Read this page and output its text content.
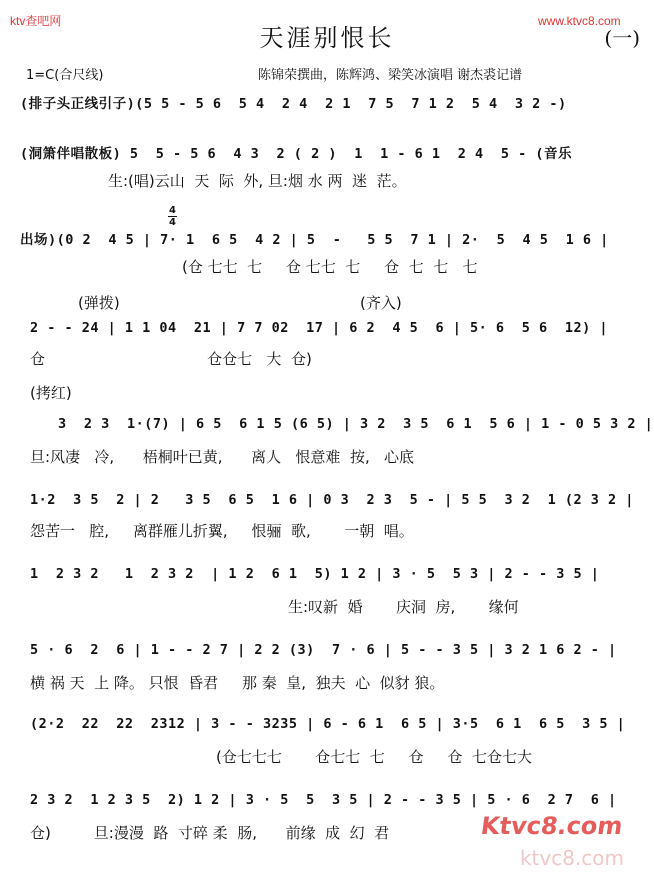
ktv查吧网	www.ktvc8.com
天涯别恨长	(一)
1=C(合尺线)	陈锦荣撰曲，陈辉鸿、梁笑冰演唱 谢杰裘记谱
(排子头正线引子)(5 5 - 5 6  5 4  2 4  2 1  7 5  7 1 2  5 4  3 2 -)
(洞箫伴唱散板) 5  5 - 5 6  4 3  2 ( 2 )  1  1 - 6 1  2 4  5 - (音乐
生:(唱)云山  天  际  外, 旦:烟 水 两  迷  茫。
4
4
出场)(0 2  4 5 | 7· 1  6 5  4 2 | 5  -   5 5  7 1 | 2·  5  4 5  1 6 |
(仓 七七  七     仓 七七  七     仓  七  七   七
(弹拨)	(齐入)
2 - - 24 | 1 1 04  21 | 7 7 02  17 | 6 2  4 5  6 | 5· 6  5 6  12) |
仓                                  仓仓七   大  仓)
(拷红)
3  2 3  1·(7) | 6 5  6 1 5 (6 5) | 3 2  3 5  6 1  5 6 | 1 - 0 5 3 2 |
旦:风凄   冷,      梧桐叶已黄,      离人   恨意难  按,   心底
1·2  3 5  2 | 2   3 5  6 5  1 6 | 0 3  2 3  5 - | 5 5  3 2  1 (2 3 2 |
怨苦一   腔,     离群雁儿折翼,     恨骊  歌,       一朝  唱。
1  2 3 2   1  2 3 2  | 1 2  6 1  5) 1 2 | 3 · 5  5 3 | 2 - - 3 5 |
生:叹新  婚       庆洞  房,       缘何
5 · 6  2  6 | 1 - - 2 7 | 2 2 (3)  7 · 6 | 5 - - 3 5 | 3 2 1 6 2 - |
横 祸 天  上 降。 只恨  昏君     那 秦  皇,  独夫  心  似豺 狼。
(2·2  22  22  2312 | 3 - - 3235 | 6 - 6 1  6 5 | 3·5  6 1  6 5  3 5 |
(仓七七七       仓七七  七     仓     仓  七仓七大
2 3 2  1 2 3 5  2) 1 2 | 3 · 5  5  3 5 | 2 - - 3 5 | 5 · 6  2 7  6 |
仓)         旦:漫漫  路  寸碎 柔  肠,      前缘  成  幻  君	Ktvc8.com
ktvc8.com
